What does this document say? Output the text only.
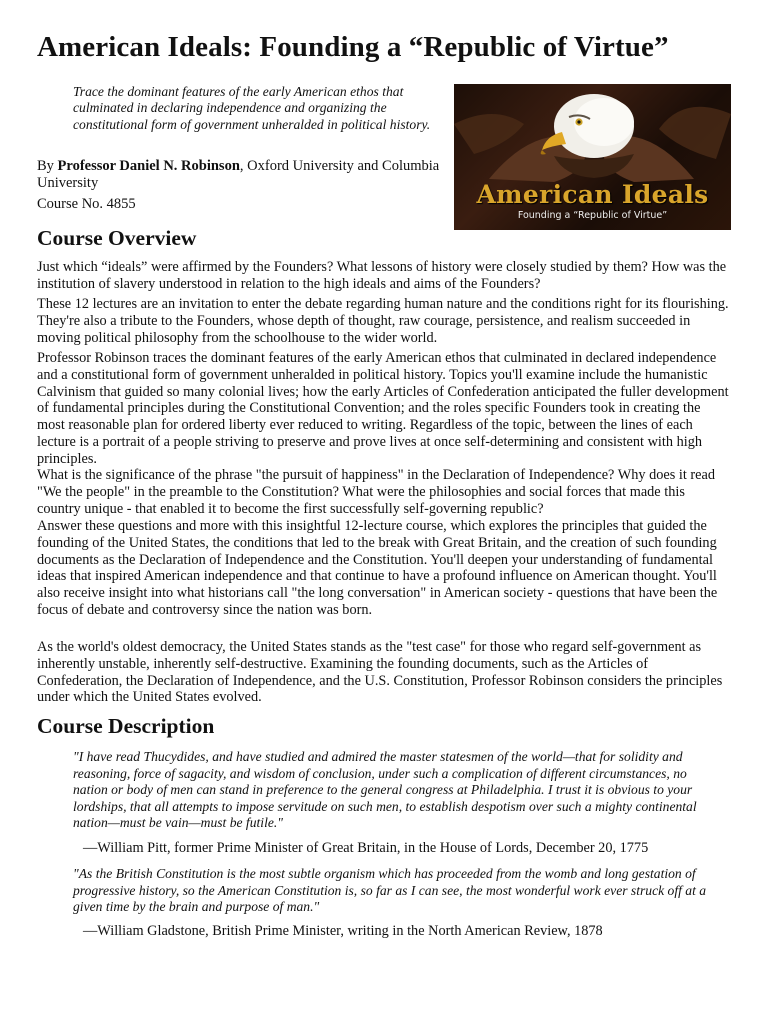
American Ideals: Founding a “Republic of Virtue”
Trace the dominant features of the early American ethos that culminated in declaring independence and organizing the constitutional form of government unheralded in political history.
By Professor Daniel N. Robinson, Oxford University and Columbia University
Course No. 4855	American Ideals
Founding a “Republic of Virtue”
Course Overview
Just which “ideals” were affirmed by the Founders? What lessons of history were closely studied by them? How was the institution of slavery understood in relation to the high ideals and aims of the Founders?
These 12 lectures are an invitation to enter the debate regarding human nature and the conditions right for its flourishing. They're also a tribute to the Founders, whose depth of thought, raw courage, persistence, and realism succeeded in moving political philosophy from the schoolhouse to the wider world.
Professor Robinson traces the dominant features of the early American ethos that culminated in declared independence and a constitutional form of government unheralded in political history. Topics you'll examine include the humanistic Calvinism that guided so many colonial lives; how the early Articles of Confederation anticipated the fuller development of fundamental principles during the Constitutional Convention; and the roles specific Founders took in creating the most reasonable plan for ordered liberty ever reduced to writing. Regardless of the topic, between the lines of each lecture is a portrait of a people striving to preserve and prove lives at once self-determining and consistent with high principles.
What is the significance of the phrase "the pursuit of happiness" in the Declaration of Independence? Why does it read "We the people" in the preamble to the Constitution? What were the philosophies and social forces that made this country unique - that enabled it to become the first successfully self-governing republic?
Answer these questions and more with this insightful 12-lecture course, which explores the principles that guided the founding of the United States, the conditions that led to the break with Great Britain, and the creation of such founding documents as the Declaration of Independence and the Constitution. You'll deepen your understanding of fundamental ideas that inspired American independence and that continue to have a profound influence on American thought. You'll also receive insight into what historians call "the long conversation" in American society - questions that have been the focus of debate and controversy since the nation was born.
As the world's oldest democracy, the United States stands as the "test case" for those who regard self-government as inherently unstable, inherently self-destructive. Examining the founding documents, such as the Articles of Confederation, the Declaration of Independence, and the U.S. Constitution, Professor Robinson considers the principles under which the United States evolved.
Course Description
"I have read Thucydides, and have studied and admired the master statesmen of the world—that for solidity and reasoning, force of sagacity, and wisdom of conclusion, under such a complication of different circumstances, no nation or body of men can stand in preference to the general congress at Philadelphia. I trust it is obvious to your lordships, that all attempts to impose servitude on such men, to establish despotism over such a mighty continental nation—must be vain—must be futile."
—William Pitt, former Prime Minister of Great Britain, in the House of Lords, December 20, 1775
"As the British Constitution is the most subtle organism which has proceeded from the womb and long gestation of progressive history, so the American Constitution is, so far as I can see, the most wonderful work ever struck off at a given time by the brain and purpose of man."
—William Gladstone, British Prime Minister, writing in the North American Review, 1878
